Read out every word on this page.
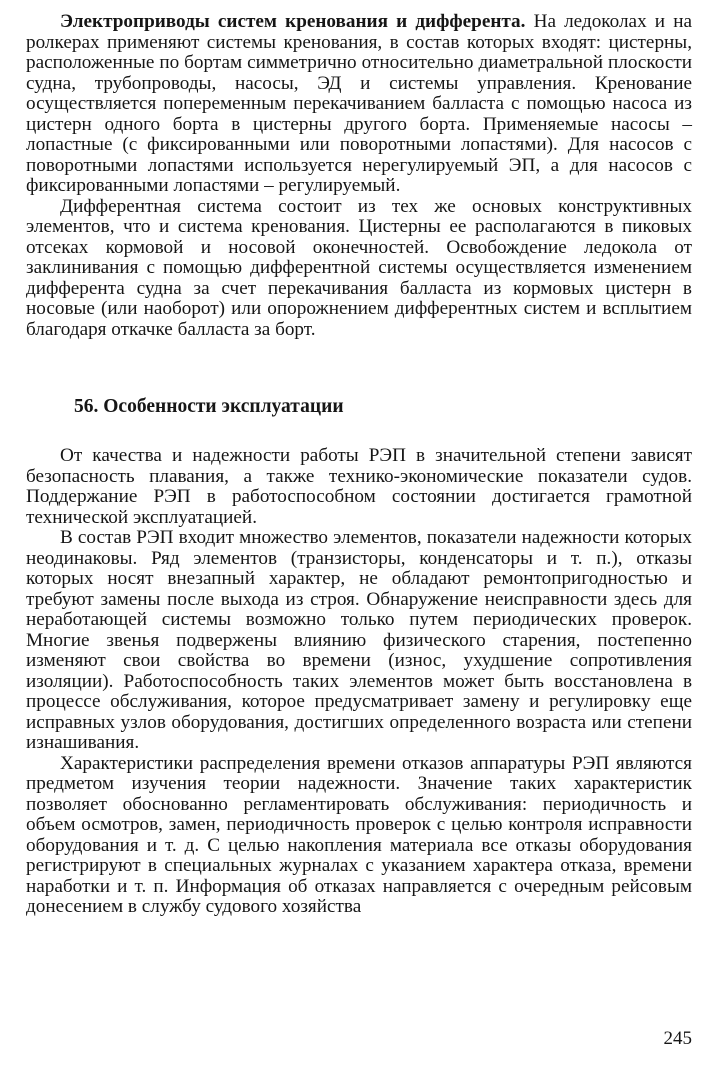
Электроприводы систем кренования и дифферента. На ледоколах и на ролкерах применяют системы кренования, в состав которых входят: цистерны, расположенные по бортам симметрично относительно диаметральной плоскости судна, трубопроводы, насосы, ЭД и системы управления. Кренование осуществляется попеременным перекачиванием балласта с помощью насоса из цистерн одного борта в цистерны другого борта. Применяемые насосы – лопастные (с фиксированными или поворотными лопастями). Для насосов с поворотными лопастями используется нерегулируемый ЭП, а для насосов с фиксированными лопастями – регулируемый.

Дифферентная система состоит из тех же основых конструктивных элементов, что и система кренования. Цистерны ее располагаются в пиковых отсеках кормовой и носовой оконечностей. Освобождение ледокола от заклинивания с помощью дифферентной системы осуществляется изменением дифферента судна за счет перекачивания балласта из кормовых цистерн в носовые (или наоборот) или опорожнением дифферентных систем и всплытием благодаря откачке балласта за борт.

56. Особенности эксплуатации

От качества и надежности работы РЭП в значительной степени зависят безопасность плавания, а также технико-экономические показатели судов. Поддержание РЭП в работоспособном состоянии достигается грамотной технической эксплуатацией.

В состав РЭП входит множество элементов, показатели надежности которых неодинаковы. Ряд элементов (транзисторы, конденсаторы и т. п.), отказы которых носят внезапный характер, не обладают ремонтопригодностью и требуют замены после выхода из строя. Обнаружение неисправности здесь для неработающей системы возможно только путем периодических проверок. Многие звенья подвержены влиянию физического старения, постепенно изменяют свои свойства во времени (износ, ухудшение сопротивления изоляции). Работоспособность таких элементов может быть восстановлена в процессе обслуживания, которое предусматривает замену и регулировку еще исправных узлов оборудования, достигших определенного возраста или степени изнашивания.

Характеристики распределения времени отказов аппаратуры РЭП являются предметом изучения теории надежности. Значение таких характеристик позволяет обоснованно регламентировать обслуживания: периодичность и объем осмотров, замен, периодичность проверок с целью контроля исправности оборудования и т. д. С целью накопления материала все отказы оборудования регистрируют в специальных журналах с указанием характера отказа, времени наработки и т. п. Информация об отказах направляется с очередным рейсовым донесением в службу судового хозяйства

245
